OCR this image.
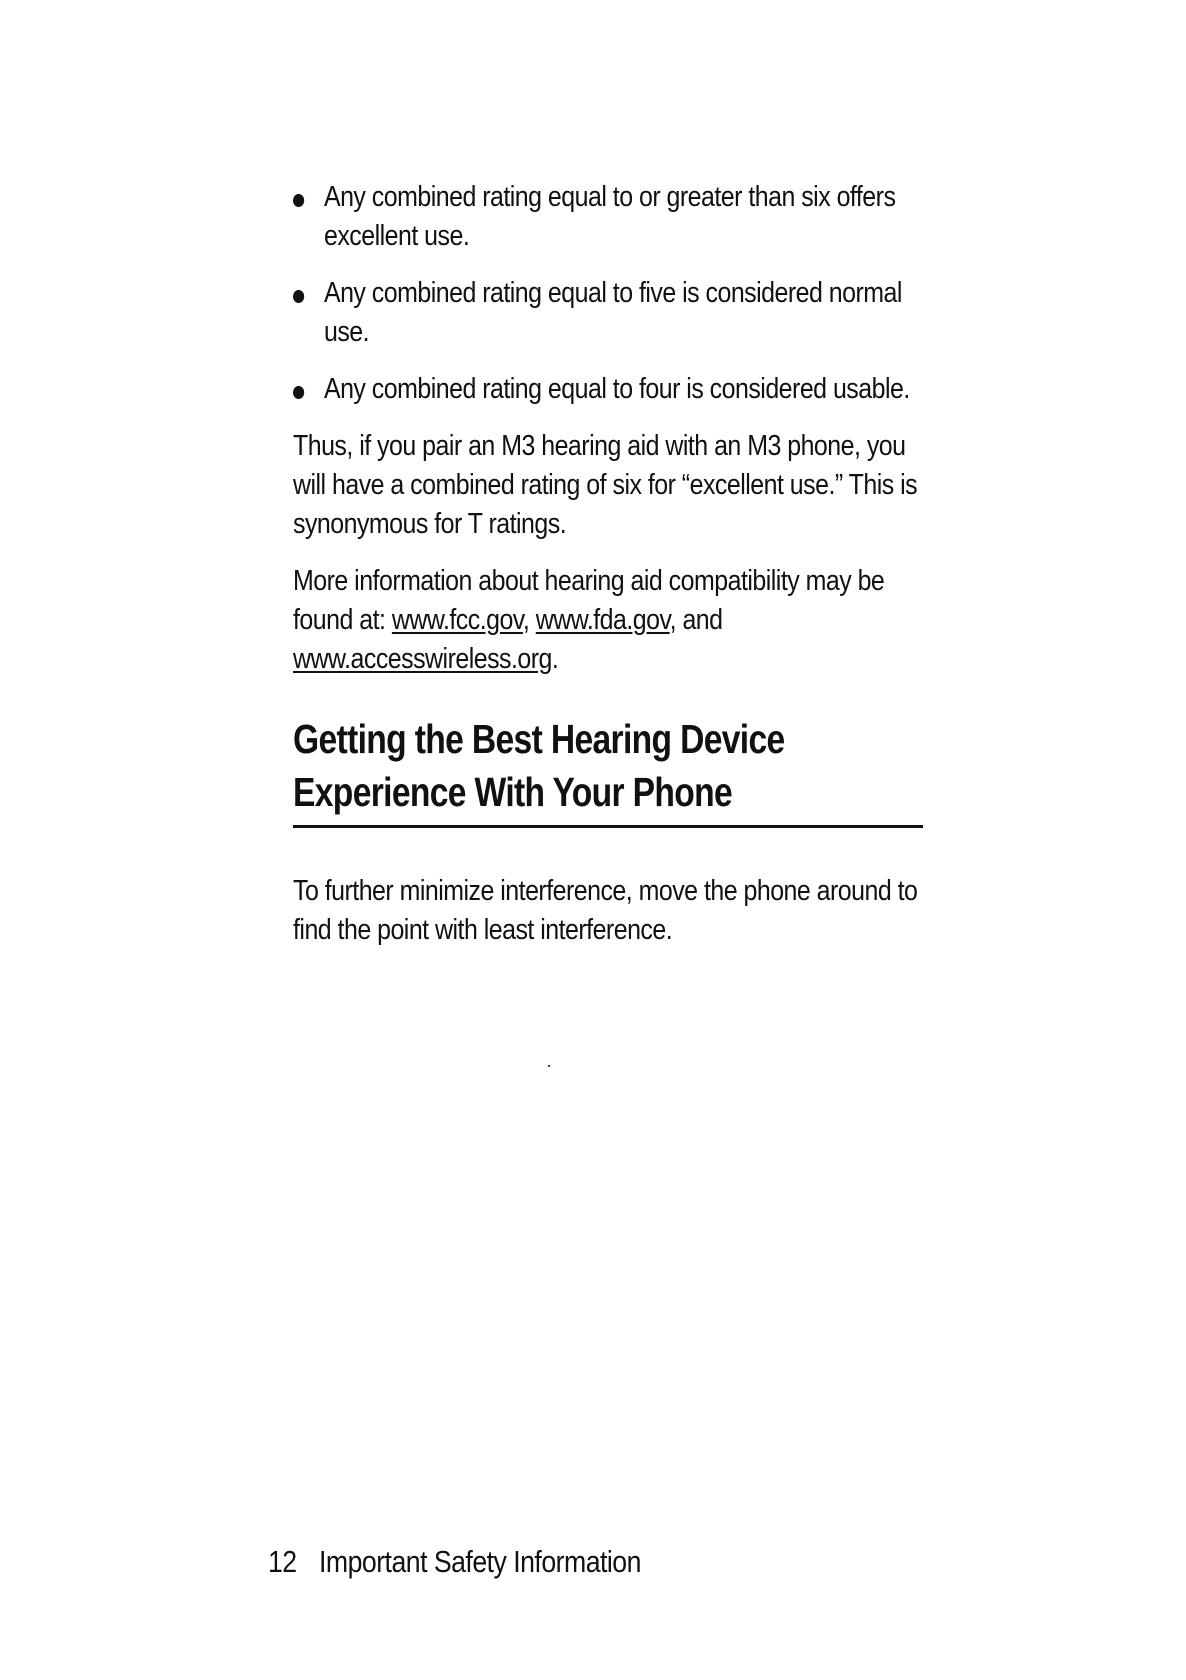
Any combined rating equal to or greater than six offers excellent use.
Any combined rating equal to five is considered normal use.
Any combined rating equal to four is considered usable.

Thus, if you pair an M3 hearing aid with an M3 phone, you will have a combined rating of six for “excellent use.” This is synonymous for T ratings.

More information about hearing aid compatibility may be found at: www.fcc.gov, www.fda.gov, and www.accesswireless.org.

Getting the Best Hearing Device Experience With Your Phone

To further minimize interference, move the phone around to find the point with least interference.

12 Important Safety Information
